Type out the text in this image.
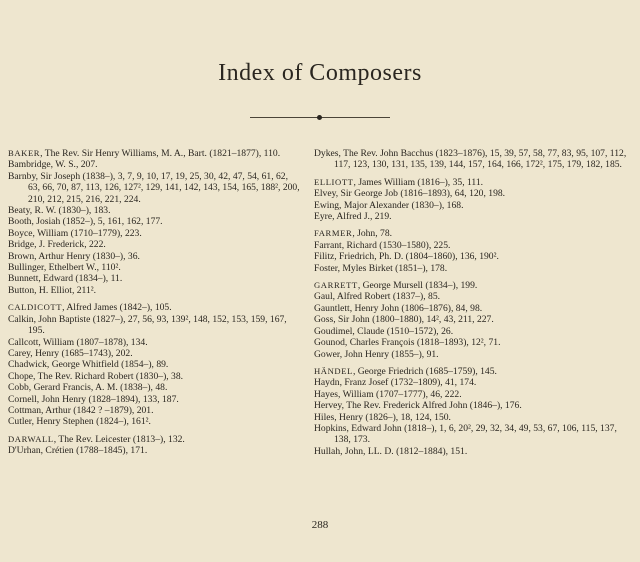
Index of Composers
BAKER, The Rev. Sir Henry Williams, M. A., Bart. (1821–1877), 110.
Bambridge, W. S., 207.
Barnby, Sir Joseph (1838–), 3, 7, 9, 10, 17, 19, 25, 30, 42, 47, 54, 61, 62, 63, 66, 70, 87, 113, 126, 127², 129, 141, 142, 143, 154, 165, 188², 200, 210, 212, 215, 216, 221, 224.
Beaty, R. W. (1830–), 183.
Booth, Josiah (1852–), 5, 161, 162, 177.
Boyce, William (1710–1779), 223.
Bridge, J. Frederick, 222.
Brown, Arthur Henry (1830–), 36.
Bullinger, Ethelbert W., 110².
Bunnett, Edward (1834–), 11.
Button, H. Elliot, 211².
CALDICOTT, Alfred James (1842–), 105.
Calkin, John Baptiste (1827–), 27, 56, 93, 139², 148, 152, 153, 159, 167, 195.
Callcott, William (1807–1878), 134.
Carey, Henry (1685–1743), 202.
Chadwick, George Whitfield (1854–), 89.
Chope, The Rev. Richard Robert (1830–), 38.
Cobb, Gerard Francis, A. M. (1838–), 48.
Cornell, John Henry (1828–1894), 133, 187.
Cottman, Arthur (1842 ? –1879), 201.
Cutler, Henry Stephen (1824–), 161².
DARWALL, The Rev. Leicester (1813–), 132.
D'Urhan, Crétien (1788–1845), 171.
Dykes, The Rev. John Bacchus (1823–1876), 15, 39, 57, 58, 77, 83, 95, 107, 112, 117, 123, 130, 131, 135, 139, 144, 157, 164, 166, 172², 175, 179, 182, 185.
ELLIOTT, James William (1816–), 35, 111.
Elvey, Sir George Job (1816–1893), 64, 120, 198.
Ewing, Major Alexander (1830–), 168.
Eyre, Alfred J., 219.
FARMER, John, 78.
Farrant, Richard (1530–1580), 225.
Filitz, Friedrich, Ph. D. (1804–1860), 136, 190².
Foster, Myles Birket (1851–), 178.
GARRETT, George Mursell (1834–), 199.
Gaul, Alfred Robert (1837–), 85.
Gauntlett, Henry John (1806–1876), 84, 98.
Goss, Sir John (1800–1880), 14², 43, 211, 227.
Goudimel, Claude (1510–1572), 26.
Gounod, Charles François (1818–1893), 12², 71.
Gower, John Henry (1855–), 91.
HÄNDEL, George Friedrich (1685–1759), 145.
Haydn, Franz Josef (1732–1809), 41, 174.
Hayes, William (1707–1777), 46, 222.
Hervey, The Rev. Frederick Alfred John (1846–), 176.
Hiles, Henry (1826–), 18, 124, 150.
Hopkins, Edward John (1818–), 1, 6, 20², 29, 32, 34, 49, 53, 67, 106, 115, 137, 138, 173.
Hullah, John, LL. D. (1812–1884), 151.
288
